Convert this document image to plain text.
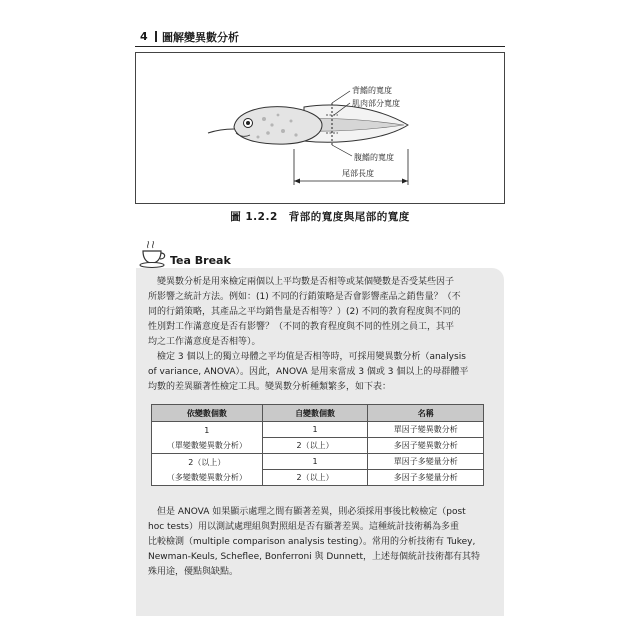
4 圖解變異數分析
背鰭的寬度
肌肉部分寬度
腹鰭的寬度
尾部長度
圖 1.2.2　背部的寬度與尾部的寬度
Tea Break

　變異數分析是用來檢定兩個以上平均數是否相等或某個變數是否受某些因子
所影響之統計方法。例如：(1) 不同的行銷策略是否會影響產品之銷售量？（不
同的行銷策略，其產品之平均銷售量是否相等？）(2) 不同的教育程度與不同的
性別對工作滿意度是否有影響？（不同的教育程度與不同的性別之員工，其平
均之工作滿意度是否相等）。

　檢定 3 個以上的獨立母體之平均值是否相等時，可採用變異數分析（analysis
of variance, ANOVA）。因此，ANOVA 是用來當成 3 個或 3 個以上的母群體平
均數的差異顯著性檢定工具。變異數分析種類繁多，如下表：

依變數個數	自變數個數	名稱
1
（單變數變異數分析）	1	單因子變異數分析
	2（以上）	多因子變異數分析
2（以上）
（多變數變異數分析）	1	單因子多變量分析
	2（以上）	多因子多變量分析

　但是 ANOVA 如果顯示處理之間有顯著差異，則必須採用事後比較檢定（post
hoc tests）用以測試處理組與對照組是否有顯著差異。這種統計技術稱為多重
比較檢測（multiple comparison analysis testing）。常用的分析技術有 Tukey,
Newman-Keuls, Scheflee, Bonferroni 與 Dunnett，上述每個統計技術都有其特
殊用途，優點與缺點。
